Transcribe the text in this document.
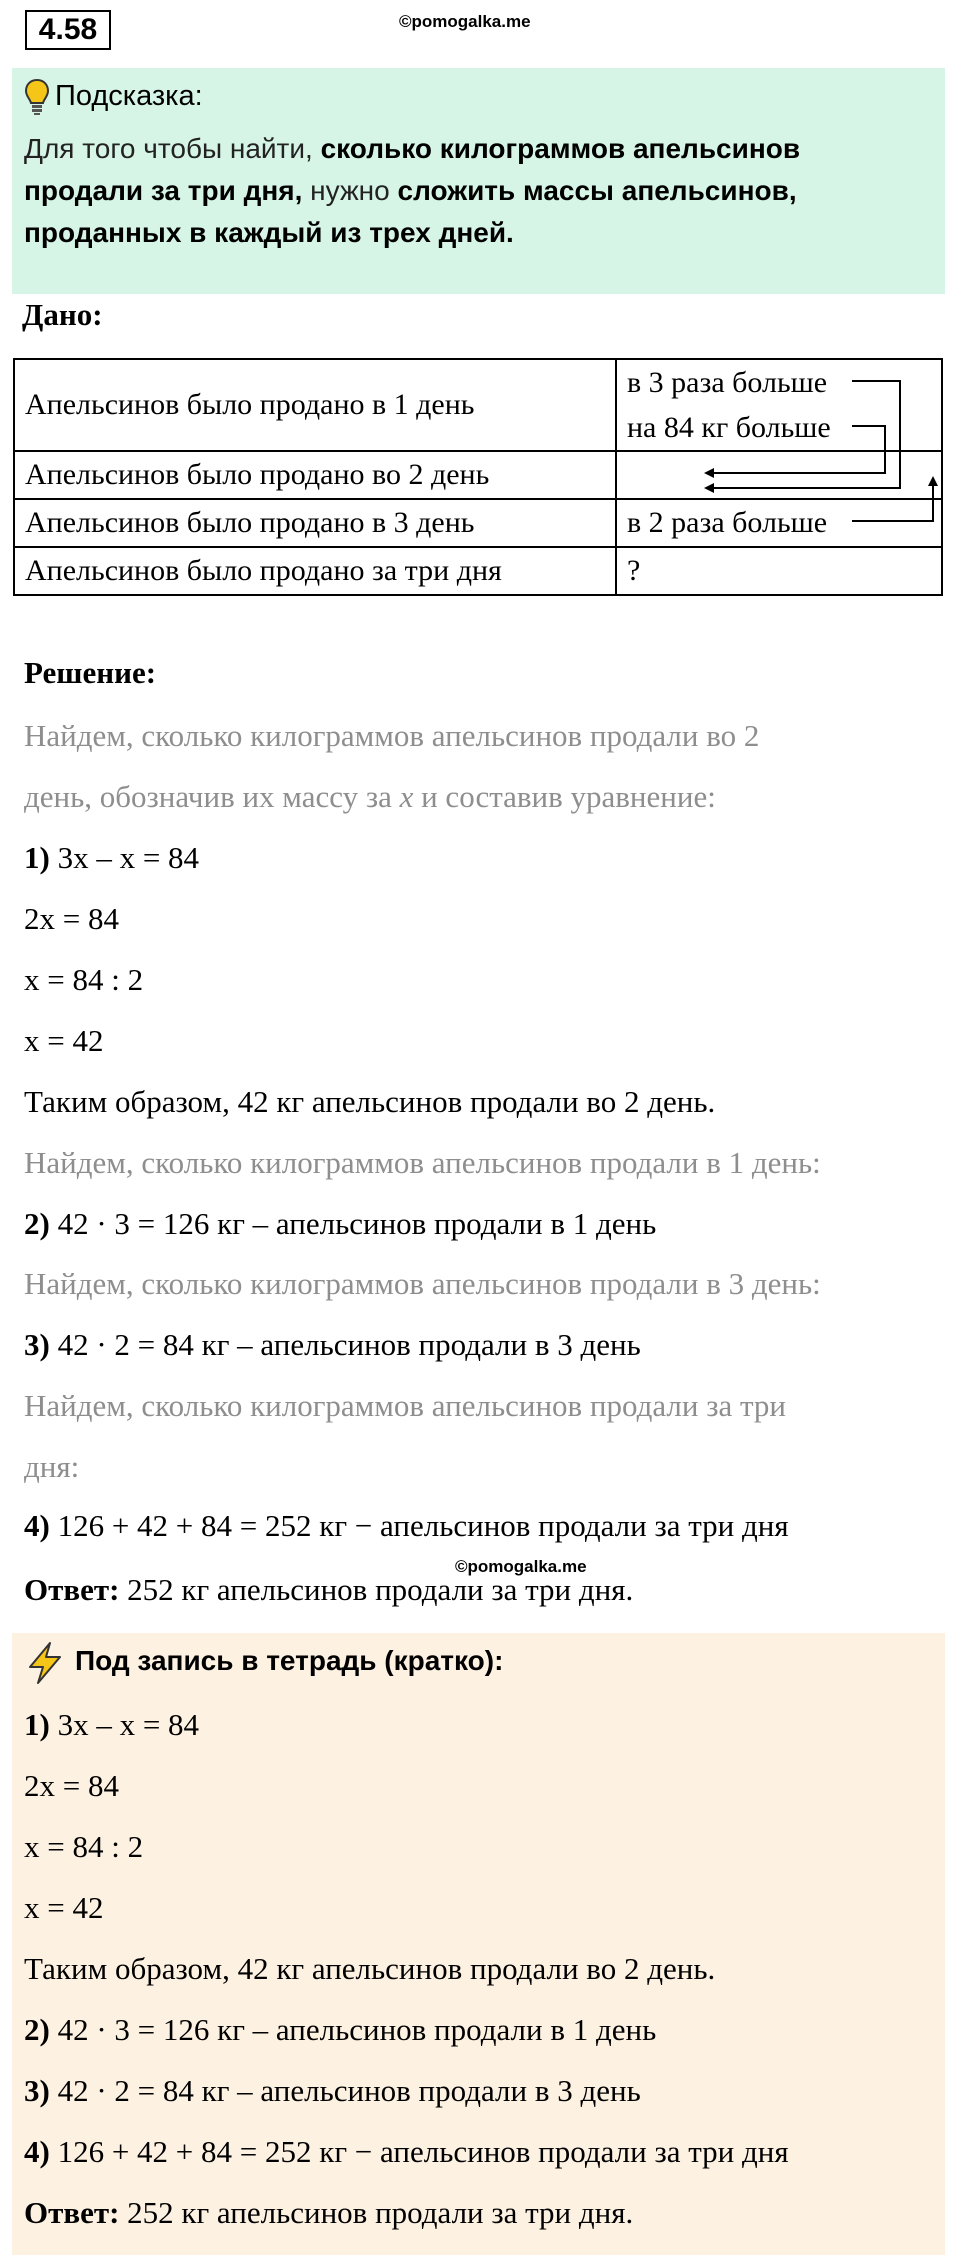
4.58	©pomogalka.me
Подсказка:
Для того чтобы найти, сколько килограммов апельсинов продали за три дня, нужно сложить массы апельсинов, проданных в каждый из трех дней.
Дано:
Апельсинов было продано в 1 день	в 3 раза больше
на 84 кг больше

Апельсинов было продано во 2 день	
Апельсинов было продано в 3 день	в 2 раза больше
Апельсинов было продано за три дня	?
Решение:
Найдем, сколько килограммов апельсинов продали во 2
день, обозначив их массу за x и составив уравнение:
1) 3x – x = 84
2x = 84
x = 84 : 2
x = 42
Таким образом, 42 кг апельсинов продали во 2 день.
Найдем, сколько килограммов апельсинов продали в 1 день:
2) 42 · 3 = 126 кг – апельсинов продали в 1 день
Найдем, сколько килограммов апельсинов продали в 3 день:
3) 42 · 2 = 84 кг – апельсинов продали в 3 день
Найдем, сколько килограммов апельсинов продали за три
дня:
4) 126 + 42 + 84 = 252 кг − апельсинов продали за три дня
©pomogalka.me
Ответ: 252 кг апельсинов продали за три дня.
Под запись в тетрадь (кратко):
1) 3x – x = 84
2x = 84
x = 84 : 2
x = 42
Таким образом, 42 кг апельсинов продали во 2 день.
2) 42 · 3 = 126 кг – апельсинов продали в 1 день
3) 42 · 2 = 84 кг – апельсинов продали в 3 день
4) 126 + 42 + 84 = 252 кг − апельсинов продали за три дня
Ответ: 252 кг апельсинов продали за три дня.
